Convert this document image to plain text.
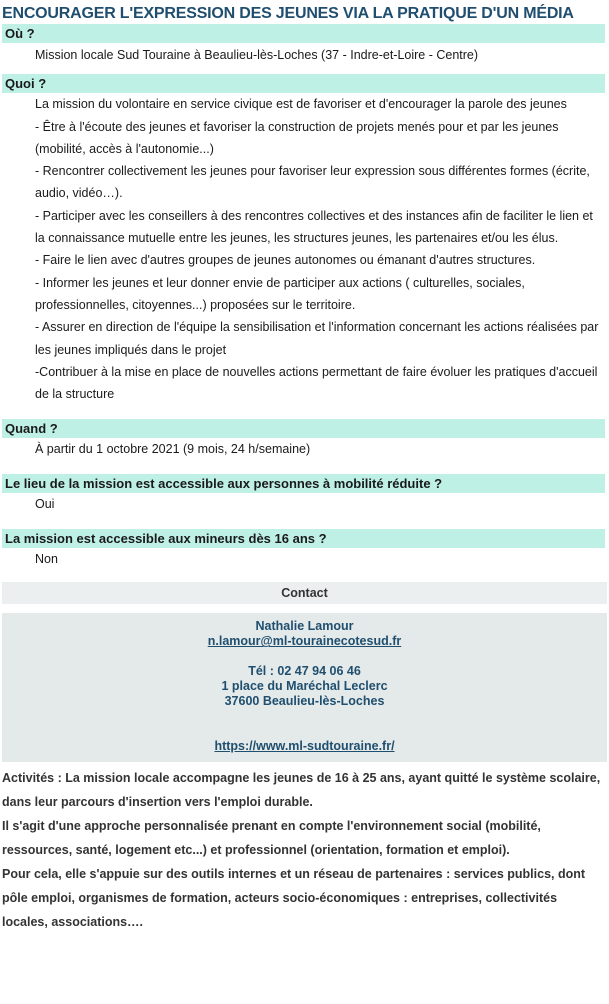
ENCOURAGER L'EXPRESSION DES JEUNES VIA LA PRATIQUE D'UN MÉDIA
Où ?

Mission locale Sud Touraine à Beaulieu-lès-Loches (37 - Indre-et-Loire - Centre)

Quoi ?

La mission du volontaire en service civique est de favoriser et d'encourager la parole des jeunes

- Être à l'écoute des jeunes et favoriser la construction de projets menés pour et par les jeunes (mobilité, accès à l'autonomie...)

- Rencontrer collectivement les jeunes pour favoriser leur expression sous différentes formes (écrite, audio, vidéo…).

- Participer avec les conseillers à des rencontres collectives et des instances afin de faciliter le lien et la connaissance mutuelle entre les jeunes, les structures jeunes, les partenaires et/ou les élus.

- Faire le lien avec d'autres groupes de jeunes autonomes ou émanant d'autres structures.

- Informer les jeunes et leur donner envie de participer aux actions ( culturelles, sociales, professionnelles, citoyennes...) proposées sur le territoire.

- Assurer en direction de l'équipe la sensibilisation et l'information concernant les actions réalisées par les jeunes impliqués dans le projet

-Contribuer à la mise en place de nouvelles actions permettant de faire évoluer les pratiques d'accueil de la structure

Quand ?

À partir du 1 octobre 2021 (9 mois, 24 h/semaine)

Le lieu de la mission est accessible aux personnes à mobilité réduite ?

Oui

La mission est accessible aux mineurs dès 16 ans ?

Non

Contact
Nathalie Lamour
n.lamour@ml-tourainecotesud.fr
Tél : 02 47 94 06 46
1 place du Maréchal Leclerc
37600 Beaulieu-lès-Loches
https://www.ml-sudtouraine.fr/

Activités : La mission locale accompagne les jeunes de 16 à 25 ans, ayant quitté le système scolaire, dans leur parcours d'insertion vers l'emploi durable.

Il s'agit d'une approche personnalisée prenant en compte l'environnement social (mobilité, ressources, santé, logement etc...) et professionnel (orientation, formation et emploi).

Pour cela, elle s'appuie sur des outils internes et un réseau de partenaires : services publics, dont pôle emploi, organismes de formation, acteurs socio-économiques : entreprises, collectivités locales, associations….
